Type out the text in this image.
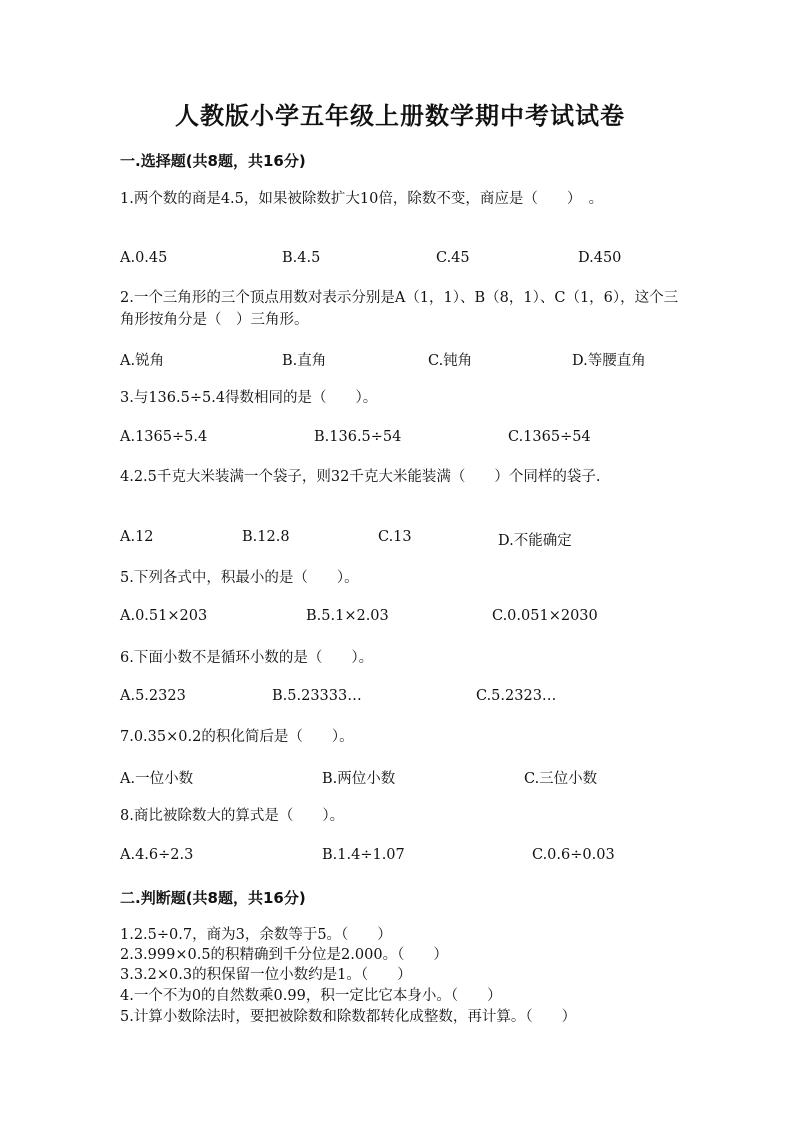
人教版小学五年级上册数学期中考试试卷
一.选择题(共8题，共16分)
1.两个数的商是4.5，如果被除数扩大10倍，除数不变，商应是（　　）　。
A.0.45	B.4.5	C.45	D.450
2.一个三角形的三个顶点用数对表示分别是A（1，1）、B（8，1）、C（1，6），这个三角形按角分是（　）三角形。
A.锐角	B.直角	C.钝角	D.等腰直角
3.与136.5÷5.4得数相同的是（　　）。
A.1365÷5.4	B.136.5÷54	C.1365÷54
4.2.5千克大米装满一个袋子，则32千克大米能装满（　　）个同样的袋子.
A.12	B.12.8	C.13	D.不能确定
5.下列各式中，积最小的是（　　）。
A.0.51×203	B.5.1×2.03	C.0.051×2030
6.下面小数不是循环小数的是（　　）。
A.5.2323	B.5.23333…	C.5.2323…
7.0.35×0.2的积化简后是（　　）。
A.一位小数	B.两位小数	C.三位小数
8.商比被除数大的算式是（　　）。
A.4.6÷2.3	B.1.4÷1.07	C.0.6÷0.03
二.判断题(共8题，共16分)
1.2.5÷0.7，商为3，余数等于5。（　　）
2.3.999×0.5的积精确到千分位是2.000。（　　）
3.3.2×0.3的积保留一位小数约是1。（　　）
4.一个不为0的自然数乘0.99，积一定比它本身小。（　　）
5.计算小数除法时，要把被除数和除数都转化成整数，再计算。（　　）
